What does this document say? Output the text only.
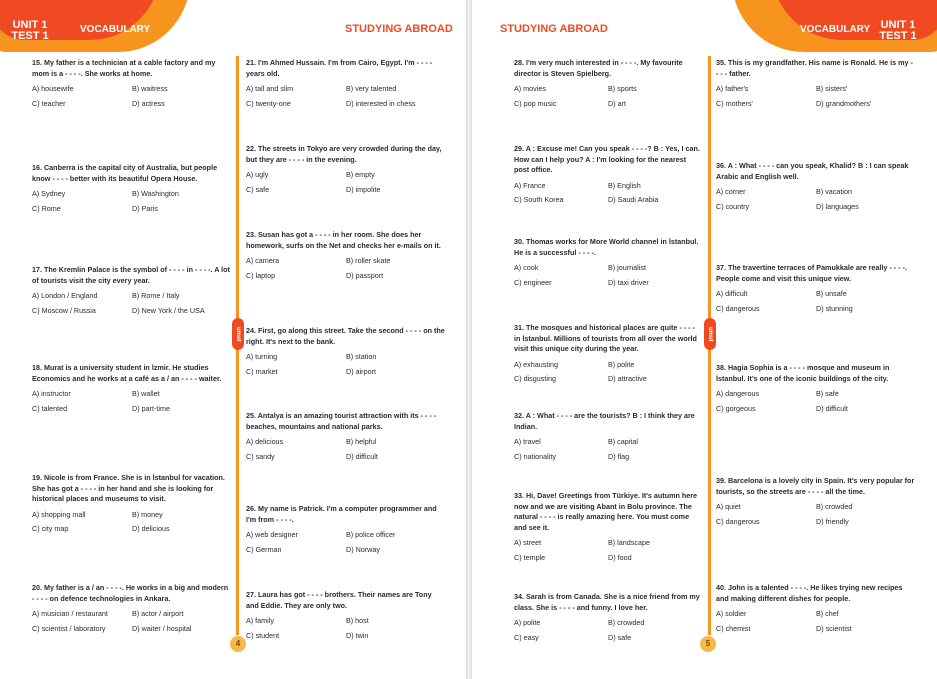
UNIT 1
TEST 1
VOCABULARY	STUDYING ABROAD
umut
15. My father is a technician at a cable factory and my mom is a - - - -. She works at home.
A) housewife	B) waitress
C) teacher	D) actress
16. Canberra is the capital city of Australia, but people know - - - - better with its beautiful Opera House.
A) Sydney	B) Washington
C) Rome	D) Paris
17. The Kremlin Palace is the symbol of - - - - in - - - -. A lot of tourists visit the city every year.
A) London / England	B) Rome / Italy
C) Moscow / Russia	D) New York / the USA
18. Murat is a university student in İzmir. He studies Economics and he works at a café as a / an - - - - waiter.
A) instructor	B) wallet
C) talented	D) part-time
19. Nicole is from France. She is in İstanbul for vacation. She has got a - - - - in her hand and she is looking for historical places and museums to visit.
A) shopping mall	B) money
C) city map	D) delicious
20. My father is a / an - - - -. He works in a big and modern - - - - on defence technologies in Ankara.
A) musician / restaurant	B) actor / airport
C) scientist / laboratory	D) waiter / hospital
21. I'm Ahmed Hussain. I'm from Cairo, Egypt. I'm - - - - years old.
A) tall and slim	B) very talented
C) twenty-one	D) interested in chess
22. The streets in Tokyo are very crowded during the day, but they are - - - - in the evening.
A) ugly	B) empty
C) safe	D) impolite
23. Susan has got a - - - - in her room. She does her homework, surfs on the Net and checks her e-mails on it.
A) camera	B) roller skate
C) laptop	D) passport
24. First, go along this street. Take the second - - - - on the right. It's next to the bank.
A) turning	B) station
C) market	D) airport
25. Antalya is an amazing tourist attraction with its - - - - beaches, mountains and national parks.
A) delicious	B) helpful
C) sandy	D) difficult
26. My name is Patrick. I'm a computer programmer and I'm from - - - -.
A) web designer	B) police officer
C) German	D) Norway
27. Laura has got - - - - brothers. Their names are Tony and Eddie. They are only two.
A) family	B) host
C) student	D) twin
4
UNIT 1
TEST 1
VOCABULARY
STUDYING ABROAD
umut
28. I'm very much interested in - - - -. My favourite director is Steven Spielberg.
A) movies	B) sports
C) pop music	D) art
29. A : Excuse me! Can you speak - - - -? B : Yes, I can. How can I help you? A : I'm looking for the nearest post office.
A) France	B) English
C) South Korea	D) Saudi Arabia
30. Thomas works for More World channel in İstanbul. He is a successful - - - -.
A) cook	B) journalist
C) engineer	D) taxi driver
31. The mosques and historical places are quite - - - - in İstanbul. Millions of tourists from all over the world visit this unique city during the year.
A) exhausting	B) polite
C) disgusting	D) attractive
32. A : What - - - - are the tourists? B : I think they are Indian.
A) travel	B) capital
C) nationality	D) flag
33. Hi, Dave! Greetings from Türkiye. It's autumn here now and we are visiting Abant in Bolu province. The natural - - - - is really amazing here. You must come and see it.
A) street	B) landscape
C) temple	D) food
34. Sarah is from Canada. She is a nice friend from my class. She is - - - - and funny. I love her.
A) polite	B) crowded
C) easy	D) safe
35. This is my grandfather. His name is Ronald. He is my - - - - father.
A) father's	B) sisters'
C) mothers'	D) grandmothers'
36. A : What - - - - can you speak, Khalid? B : I can speak Arabic and English well.
A) corner	B) vacation
C) country	D) languages
37. The travertine terraces of Pamukkale are really - - - -. People come and visit this unique view.
A) difficult	B) unsafe
C) dangerous	D) stunning
38. Hagia Sophia is a - - - - mosque and museum in İstanbul. It's one of the iconic buildings of the city.
A) dangerous	B) safe
C) gorgeous	D) difficult
39. Barcelona is a lovely city in Spain. It's very popular for tourists, so the streets are - - - - all the time.
A) quiet	B) crowded
C) dangerous	D) friendly
40. John is a talented - - - -. He likes trying new recipes and making different dishes for people.
A) soldier	B) chef
C) chemist	D) scientist
5
